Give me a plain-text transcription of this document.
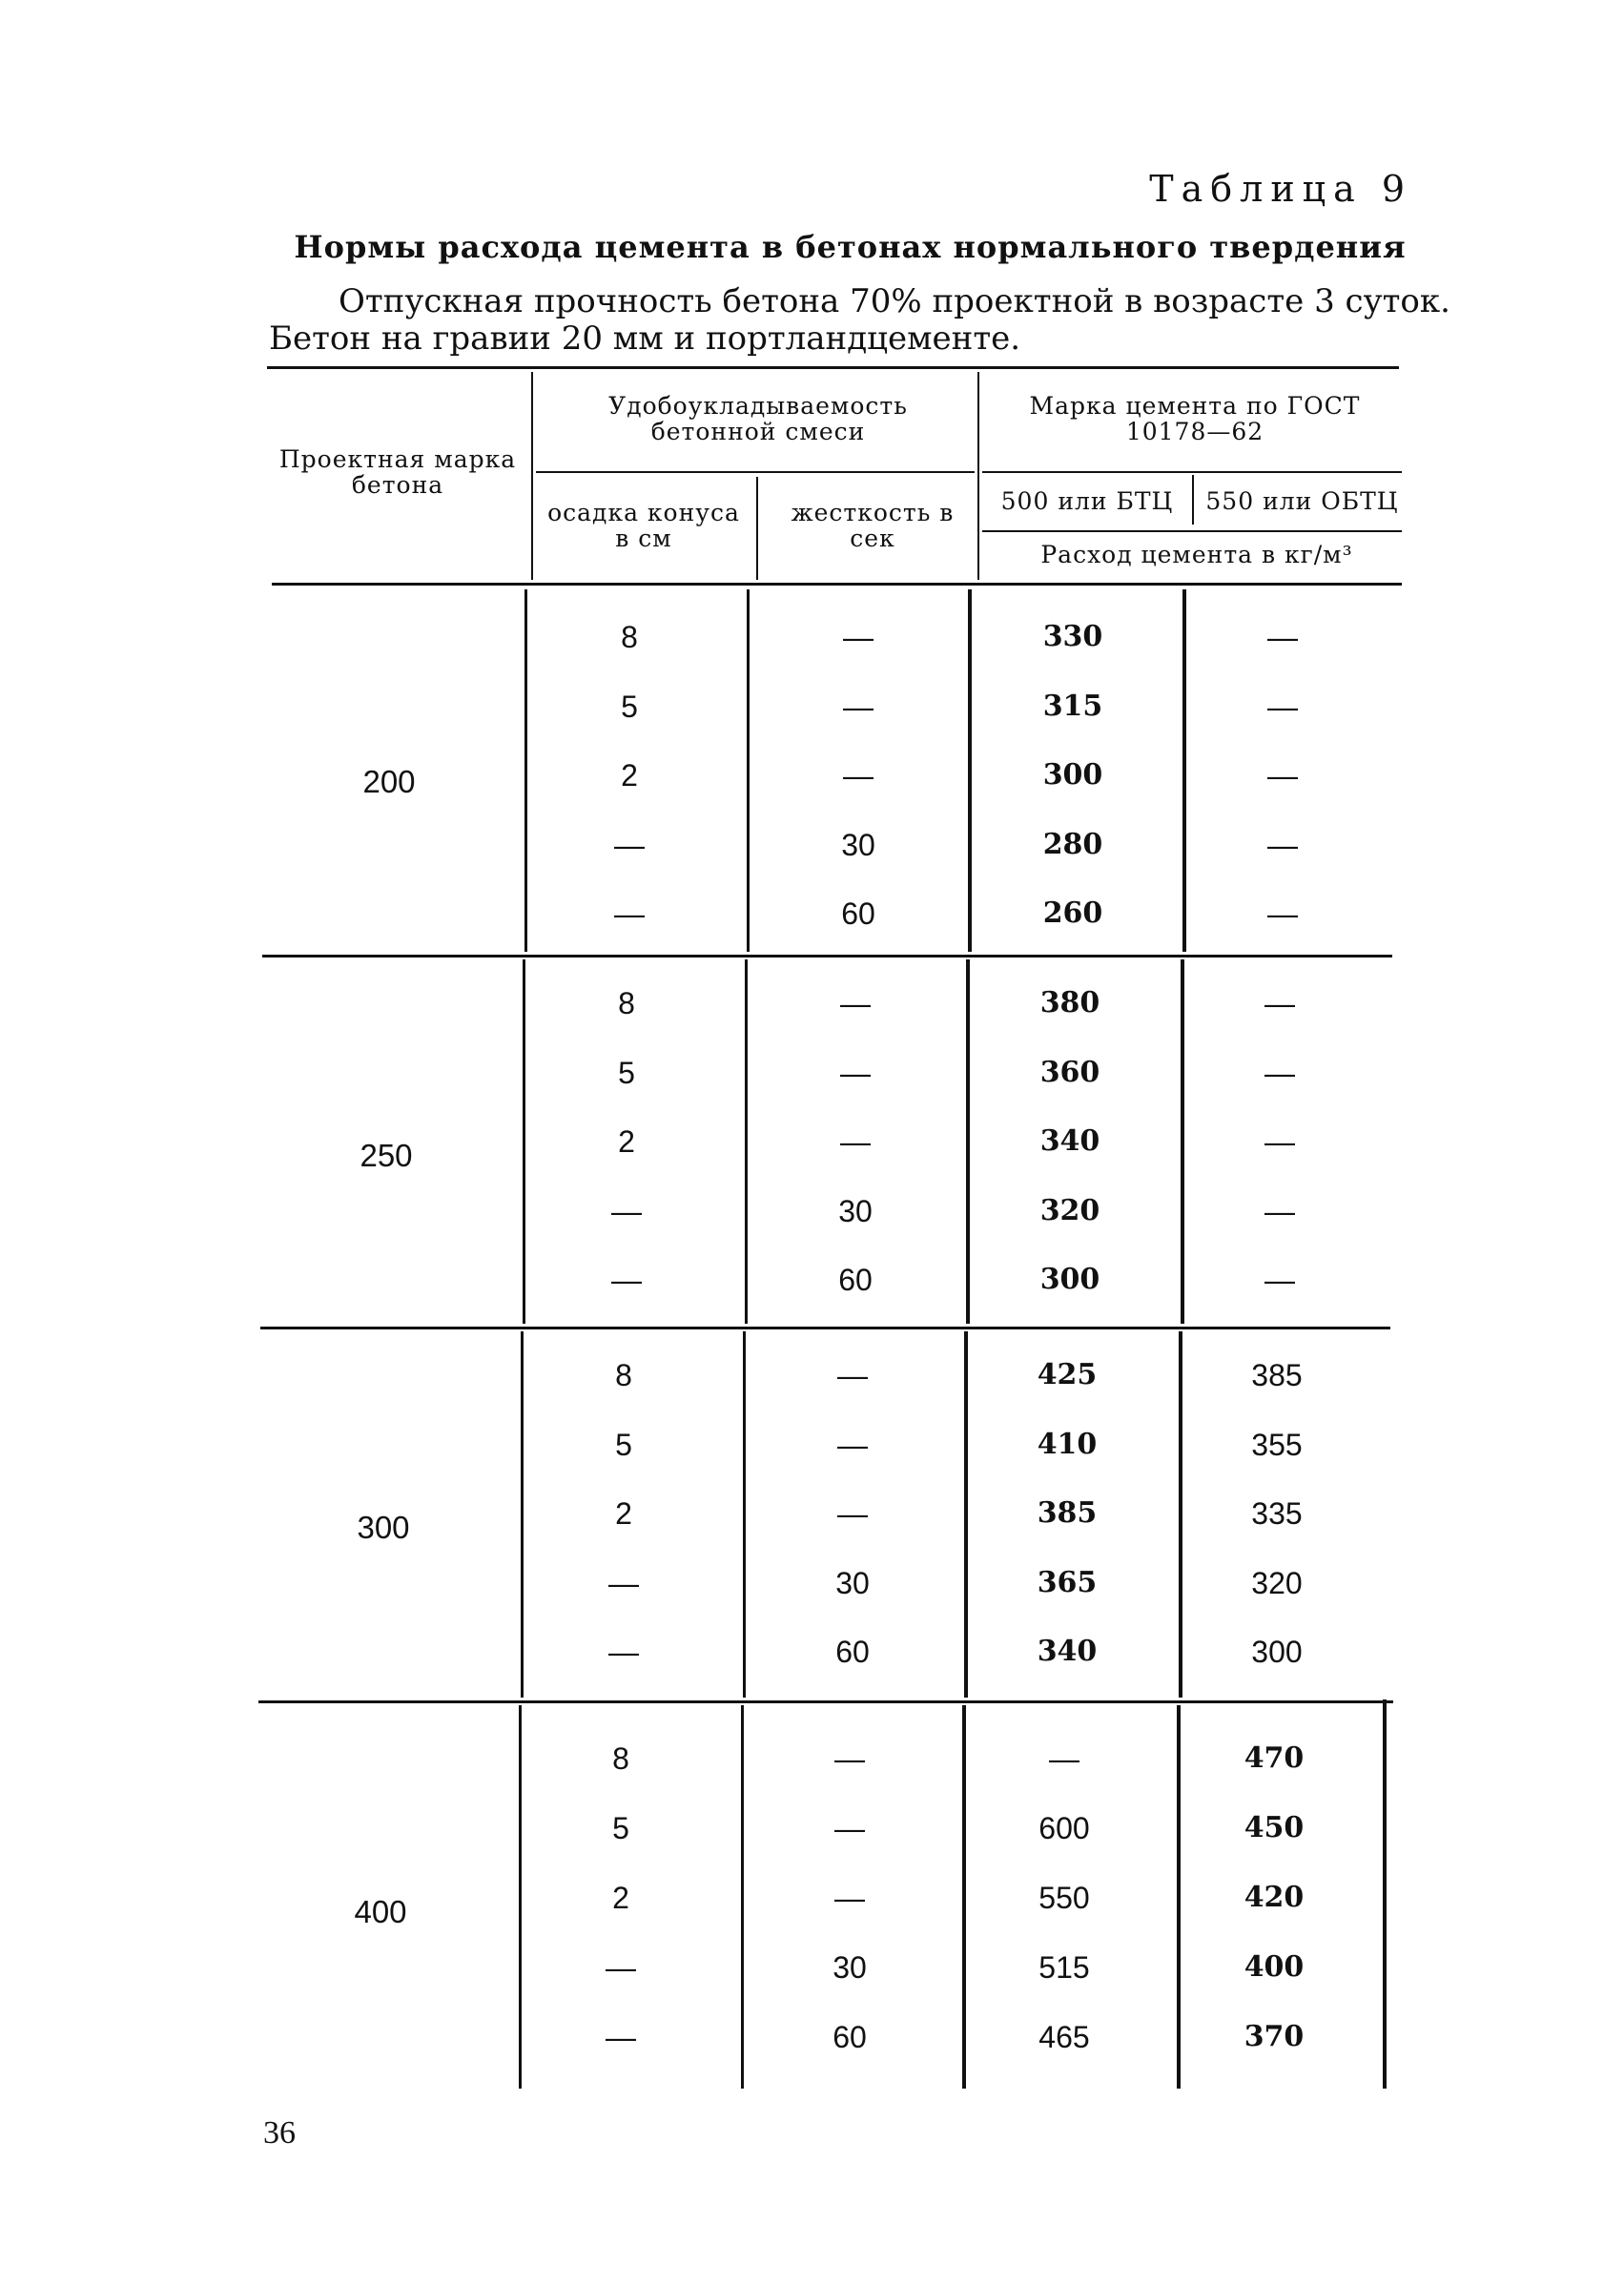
Таблица 9
Нормы расхода цемента в бетонах нормального твердения
Отпускная прочность бетона 70% проектной в возрасте 3 суток.
Бетон на гравии 20 мм и портландцементе.
Проектная марка бетона
Удобоукладываемость бетонной смеси
Марка цемента по ГОСТ 10178—62
осадка конуса в см
жесткость в сек
500 или БТЦ	550 или ОБТЦ
Расход цемента в кг/м³
200
8	—	330	—
5	—	315	—
2	—	300	—
—	30	280	—
—	60	260	—
250
8	—	380	—
5	—	360	—
2	—	340	—
—	30	320	—
—	60	300	—
300
8	—	425	385
5	—	410	355
2	—	385	335
—	30	365	320
—	60	340	300
400
8	—	—	470
5	—	600	450
2	—	550	420
—	30	515	400
—	60	465	370
36
